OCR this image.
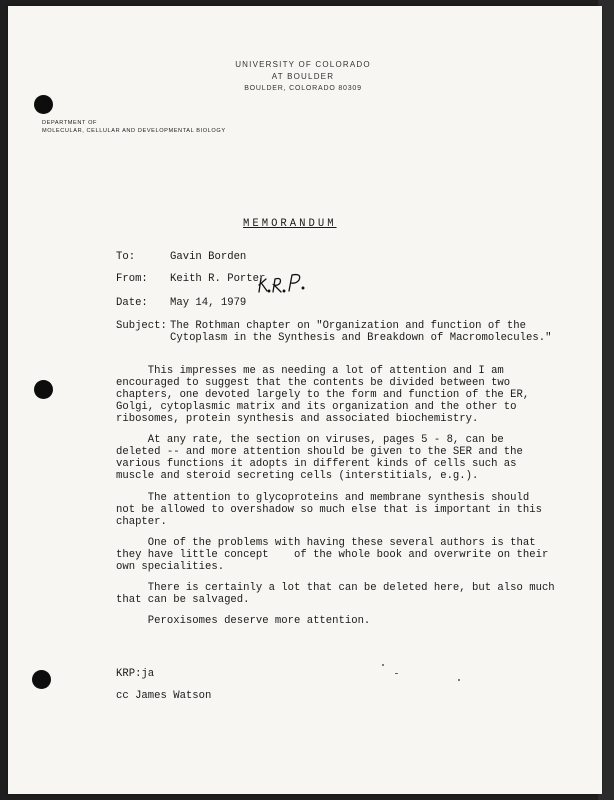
UNIVERSITY OF COLORADO
AT BOULDER
BOULDER, COLORADO 80309
DEPARTMENT OF
MOLECULAR, CELLULAR AND DEVELOPMENTAL BIOLOGY
MEMORANDUM
To:	Gavin Borden
From: Keith R. Porter
Date: May 14, 1979
Subject: The Rothman chapter on "Organization and function of the
Cytoplasm in the Synthesis and Breakdown of Macromolecules."
This impresses me as needing a lot of attention and I am
encouraged to suggest that the contents be divided between two
chapters, one devoted largely to the form and function of the ER,
Golgi, cytoplasmic matrix and its organization and the other to
ribosomes, protein synthesis and associated biochemistry.
At any rate, the section on viruses, pages 5 - 8, can be
deleted -- and more attention should be given to the SER and the
various functions it adopts in different kinds of cells such as
muscle and steroid secreting cells (interstitials, e.g.).
The attention to glycoproteins and membrane synthesis should
not be allowed to overshadow so much else that is important in this
chapter.
One of the problems with having these several authors is that
they have little concept    of the whole book and overwrite on their
own specialities.
There is certainly a lot that can be deleted here, but also much
that can be salvaged.
Peroxisomes deserve more attention.
KRP:ja
cc James Watson
